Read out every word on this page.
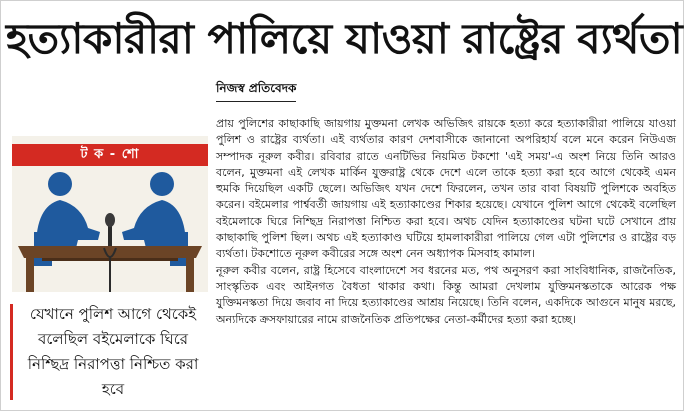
হত্যাকারীরা পালিয়ে যাওয়া রাষ্ট্রের ব্যর্থতা
নিজস্ব প্রতিবেদক
ট ক - শো

প্রায় পুলিশের কাছাকাছি জায়গায় মুক্তমনা লেখক অভিজিৎ রায়কে হত্যা করে হত্যাকারীরা পালিয়ে যাওয়া পুলিশ ও রাষ্ট্রের ব্যর্থতা। এই ব্যর্থতার কারণ দেশবাসীকে জানানো অপরিহার্য বলে মনে করেন নিউএজ সম্পাদক নূরুল কবীর। রবিবার রাতে এনটিভির নিয়মিত টকশো 'এই সময়'-এ অংশ নিয়ে তিনি আরও বলেন, মুক্তমনা এই লেখক মার্কিন যুক্তরাষ্ট্র থেকে দেশে এলে তাকে হত্যা করা হবে আগে থেকেই এমন হুমকি দিয়েছিল একটি ছেলে। অভিজিৎ যখন দেশে ফিরলেন, তখন তার বাবা বিষয়টি পুলিশকে অবহিত করেন। বইমেলার পার্শ্ববর্তী জায়গায় এই হত্যাকাণ্ডের শিকার হয়েছে। যেখানে পুলিশ আগে থেকেই বলেছিল বইমেলাকে ঘিরে নিশ্ছিদ্র নিরাপত্তা নিশ্চিত করা হবে। অথচ যেদিন হত্যাকাণ্ডের ঘটনা ঘটে সেখানে প্রায় কাছাকাছি পুলিশ ছিল। অথচ এই হত্যাকাণ্ড ঘটিয়ে হামলাকারীরা পালিয়ে গেল এটা পুলিশের ও রাষ্ট্রের বড় ব্যর্থতা। টকশোতে নূরুল কবীরের সঙ্গে অংশ নেন অধ্যাপক মিসবাহ কামাল।

নূরুল কবীর বলেন, রাষ্ট্র হিসেবে বাংলাদেশে সব ধরনের মত, পথ অনুসরণ করা সাংবিধানিক, রাজনৈতিক, সাংস্কৃতিক এবং আইনগত বৈধতা থাকার কথা। কিন্তু আমরা দেখলাম যুক্তিমনস্কতাকে আরেক পক্ষ যুক্তিমনস্কতা দিয়ে জবাব না দিয়ে হত্যাকাণ্ডের আশ্রয় নিয়েছে। তিনি বলেন, একদিকে আগুনে মানুষ মরছে, অন্যদিকে ক্রসফায়ারের নামে রাজনৈতিক প্রতিপক্ষের নেতা-কর্মীদের হত্যা করা হচ্ছে।

যেখানে পুলিশ আগে থেকেই বলেছিল বইমেলাকে ঘিরে নিশ্ছিদ্র নিরাপত্তা নিশ্চিত করা হবে
